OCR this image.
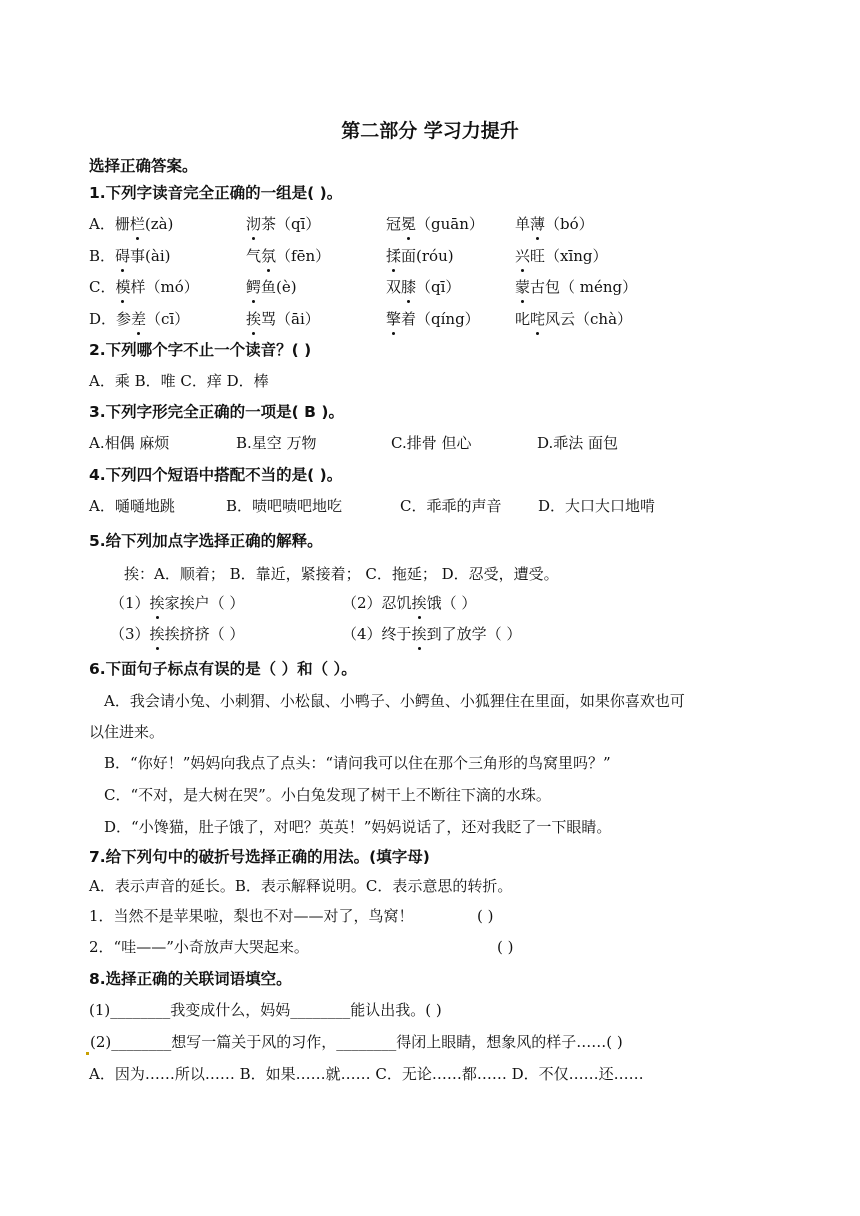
第二部分 学习力提升
选择正确答案。
1.下列字读音完全正确的一组是( )。
A．栅栏(zà)	沏茶（qī）	冠冕（guān） 单薄（bó）
B．碍事(ài)	气氛（fēn）	揉面(róu)	兴旺（xīng）
C．模样（mó）	鳄鱼(è)	双膝（qī）	蒙古包（ méng）
D．参差（cī）	挨骂（āi）	擎着（qíng） 叱咤风云（chà）
2.下列哪个字不止一个读音？( )
A．乘 B．唯 C．痒 D．棒
3.下列字形完全正确的一项是( B )。
A.相偶 麻烦	B.星空 万物	C.排骨 但心	D.乖法 面包
4.下列四个短语中搭配不当的是( )。
A．嗵嗵地跳	B．啧吧啧吧地吃	C．乖乖的声音 D．大口大口地啃
5.给下列加点字选择正确的解释。
挨：A．顺着； B．靠近，紧接着； C．拖延； D．忍受，遭受。
（1）挨家挨户（ ）	（2）忍饥挨饿（ ）
（3）挨挨挤挤（ ）	（4）终于挨到了放学（ ）
6.下面句子标点有误的是（ ）和（ ）。
A．我会请小兔、小刺猬、小松鼠、小鸭子、小鳄鱼、小狐狸住在里面，如果你喜欢也可
以住进来。
B．“你好！”妈妈向我点了点头：“请问我可以住在那个三角形的鸟窝里吗？”
C．“不对，是大树在哭”。小白兔发现了树干上不断往下滴的水珠。
D．“小馋猫，肚子饿了，对吧？英英！”妈妈说话了，还对我眨了一下眼睛。
7.给下列句中的破折号选择正确的用法。(填字母)
A．表示声音的延长。B．表示解释说明。C．表示意思的转折。
1．当然不是苹果啦，梨也不对——对了，鸟窝！	( )
2．“哇——”小奇放声大哭起来。	( )
8.选择正确的关联词语填空。
(1)________我变成什么，妈妈________能认出我。( )
(2)________想写一篇关于风的习作，________得闭上眼睛，想象风的样子……( )
A．因为……所以…… B．如果……就…… C．无论……都…… D．不仅……还……
